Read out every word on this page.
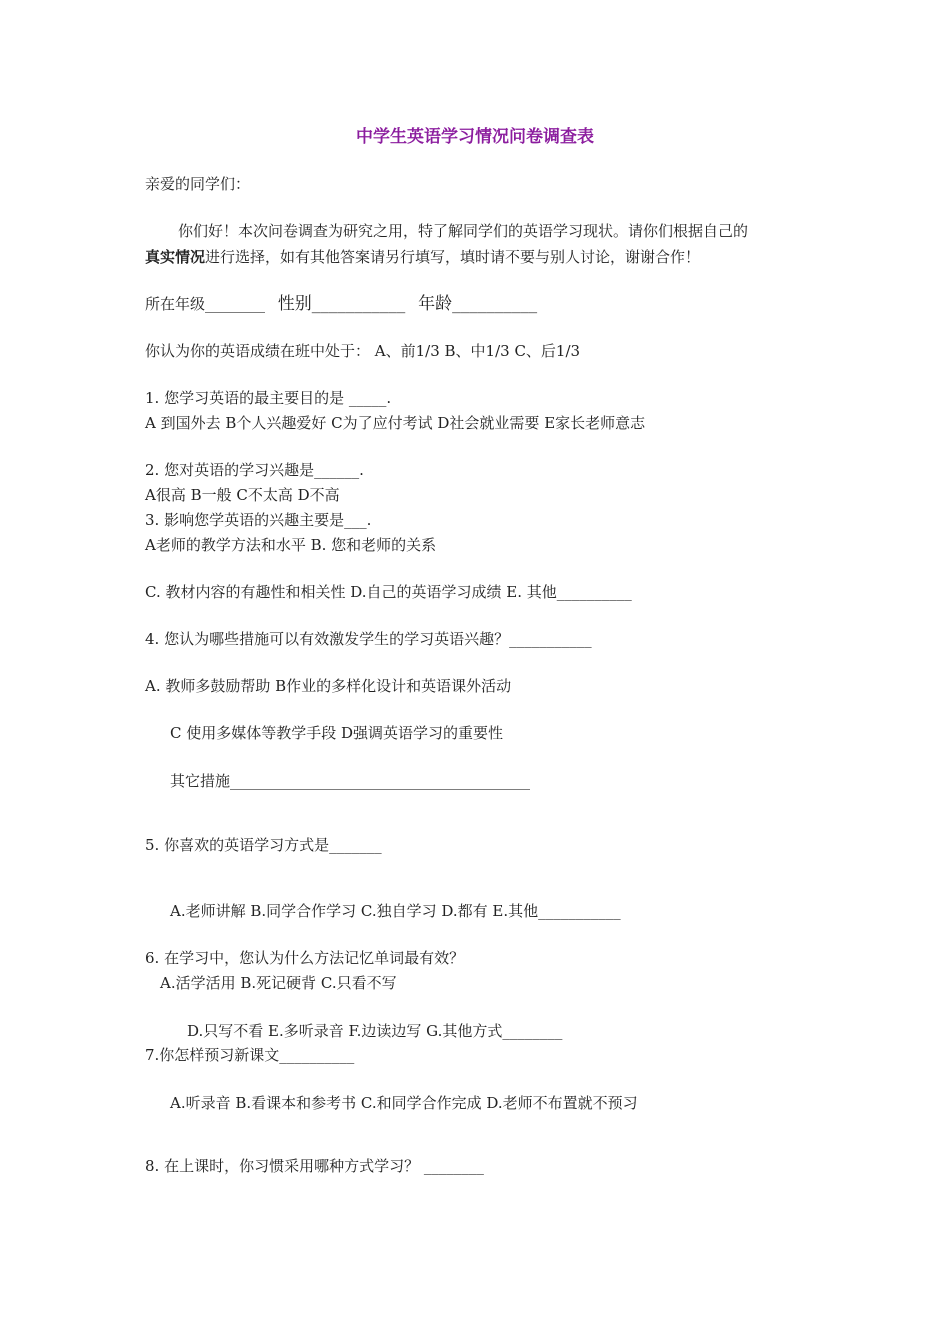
中学生英语学习情况问卷调查表
亲爱的同学们：
你们好！本次问卷调查为研究之用，特了解同学们的英语学习现状。请你们根据自己的
真实情况进行选择，如有其他答案请另行填写，填时请不要与别人讨论，谢谢合作！
所在年级________ 性别___________ 年龄__________
你认为你的英语成绩在班中处于： A、前1/3 B、中1/3 C、后1/3
1. 您学习英语的最主要目的是 _____.
A 到国外去 B个人兴趣爱好 C为了应付考试 D社会就业需要 E家长老师意志
2. 您对英语的学习兴趣是______.
A很高 B一般 C不太高 D不高
3. 影响您学英语的兴趣主要是___.
A老师的教学方法和水平 B. 您和老师的关系
C. 教材内容的有趣性和相关性 D.自己的英语学习成绩 E. 其他__________
4. 您认为哪些措施可以有效激发学生的学习英语兴趣？___________
A. 教师多鼓励帮助 B作业的多样化设计和英语课外活动
C 使用多媒体等教学手段 D强调英语学习的重要性
其它措施________________________________________
5. 你喜欢的英语学习方式是_______
A.老师讲解 B.同学合作学习 C.独自学习 D.都有 E.其他___________
6. 在学习中，您认为什么方法记忆单词最有效？
A.活学活用 B.死记硬背 C.只看不写
D.只写不看 E.多听录音 F.边读边写 G.其他方式________
7.你怎样预习新课文__________
A.听录音 B.看课本和参考书 C.和同学合作完成 D.老师不布置就不预习
8. 在上课时，你习惯采用哪种方式学习？ ________
